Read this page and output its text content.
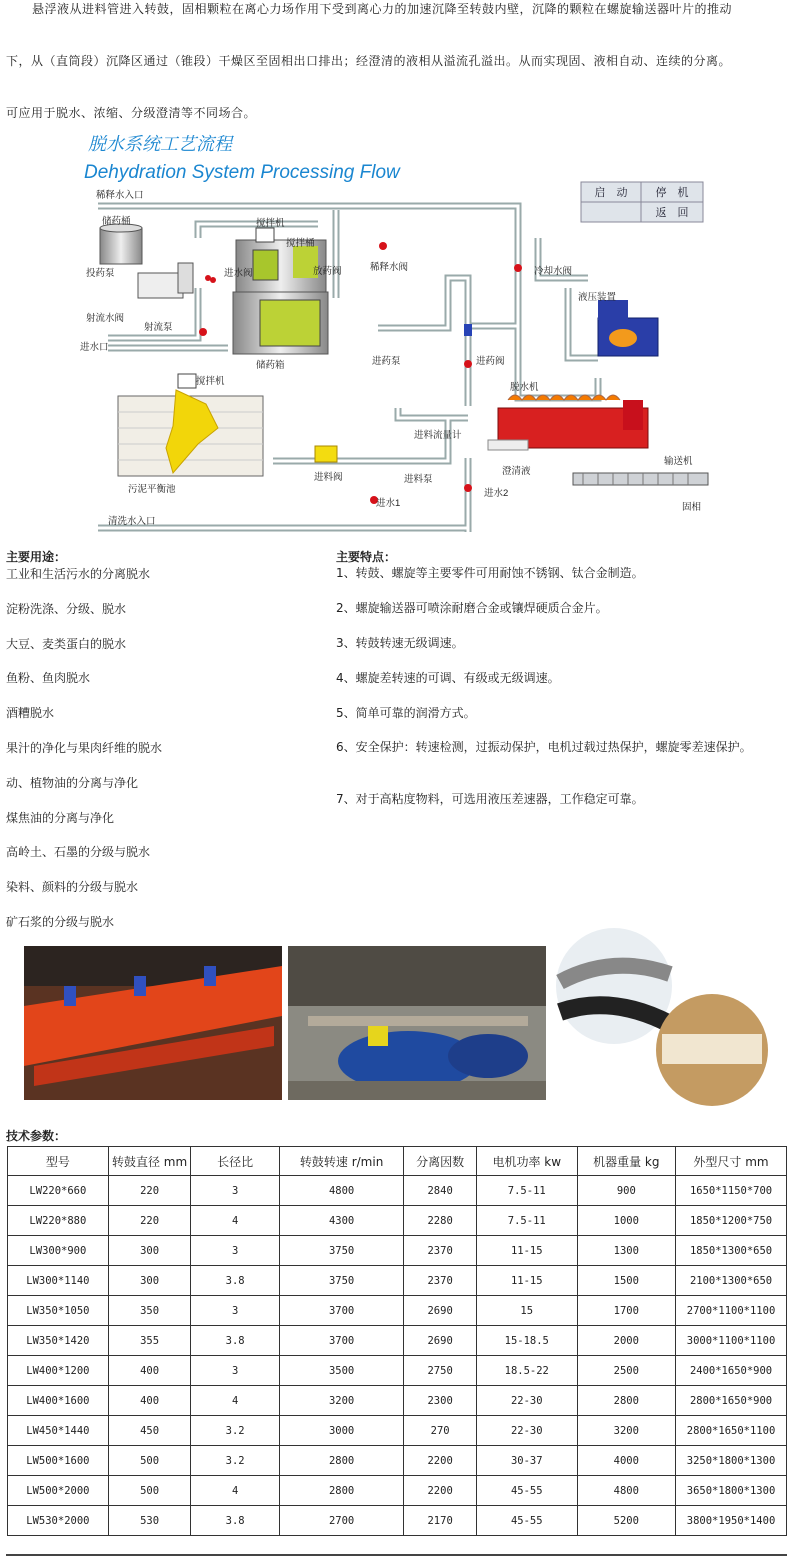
悬浮液从进料管进入转鼓，固相颗粒在离心力场作用下受到离心力的加速沉降至转鼓内壁，沉降的颗粒在螺旋输送器叶片的推动
下，从（直筒段）沉降区通过（锥段）干燥区至固相出口排出；经澄清的液相从溢流孔溢出。从而实现固、液相自动、连续的分离。
可应用于脱水、浓缩、分级澄清等不同场合。
脱水系统工艺流程
Dehydration System Processing Flow
启　动	停　机
返　回
稀释水入口
储药桶	搅拌机
搅拌桶
投药泵	进水阀	放药阀	稀释水阀	冷却水阀
射流水阀
射流泵
进水口
储药箱	进药泵
液压装置
进药阀
搅拌机
脱水机
进料流量计
污泥平衡池
进料阀	进料泵
澄清液
输送机
进水1
进水2
固相
清洗水入口
主要用途：
工业和生活污水的分离脱水
淀粉洗涤、分级、脱水
大豆、麦类蛋白的脱水
鱼粉、鱼肉脱水
酒糟脱水
果汁的净化与果肉纤维的脱水
动、植物油的分离与净化
煤焦油的分离与净化
高岭土、石墨的分级与脱水
染料、颜料的分级与脱水
矿石浆的分级与脱水
主要特点：
1、转鼓、螺旋等主要零件可用耐蚀不锈钢、钛合金制造。
2、螺旋输送器可喷涂耐磨合金或镶焊硬质合金片。
3、转鼓转速无级调速。
4、螺旋差转速的可调、有级或无级调速。
5、简单可靠的润滑方式。
6、安全保护：转速检测，过振动保护，电机过载过热保护，螺旋零差速保护。
7、对于高粘度物料，可选用液压差速器，工作稳定可靠。
技术参数：
型号	转鼓直径 mm	长径比	转鼓转速 r/min	分离因数	电机功率 kw	机器重量 kg	外型尺寸 mm
LW220*660	220	3	4800	2840	7.5-11	900	1650*1150*700
LW220*880	220	4	4300	2280	7.5-11	1000	1850*1200*750
LW300*900	300	3	3750	2370	11-15	1300	1850*1300*650
LW300*1140	300	3.8	3750	2370	11-15	1500	2100*1300*650
LW350*1050	350	3	3700	2690	15	1700	2700*1100*1100
LW350*1420	355	3.8	3700	2690	15-18.5	2000	3000*1100*1100
LW400*1200	400	3	3500	2750	18.5-22	2500	2400*1650*900
LW400*1600	400	4	3200	2300	22-30	2800	2800*1650*900
LW450*1440	450	3.2	3000	270	22-30	3200	2800*1650*1100
LW500*1600	500	3.2	2800	2200	30-37	4000	3250*1800*1300
LW500*2000	500	4	2800	2200	45-55	4800	3650*1800*1300
LW530*2000	530	3.8	2700	2170	45-55	5200	3800*1950*1400
